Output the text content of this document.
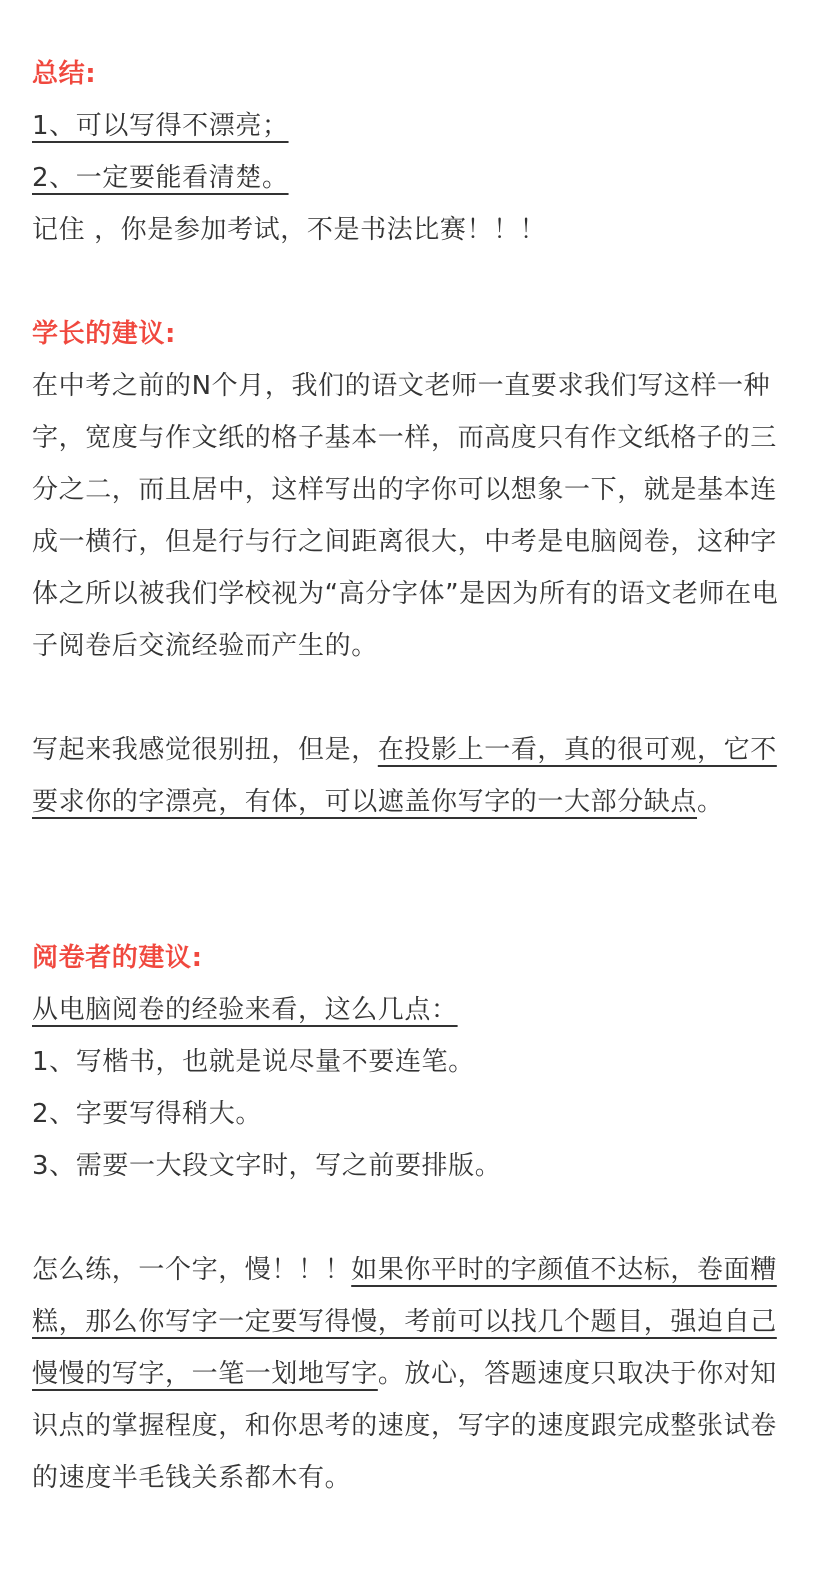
总结:
1、可以写得不漂亮；
2、一定要能看清楚。
记住 ，你是参加考试，不是书法比赛！！！
学长的建议:
在中考之前的N个月，我们的语文老师一直要求我们写这样一种字，宽度与作文纸的格子基本一样，而高度只有作文纸格子的三分之二，而且居中，这样写出的字你可以想象一下，就是基本连成一横行，但是行与行之间距离很大，中考是电脑阅卷，这种字体之所以被我们学校视为“高分字体”是因为所有的语文老师在电子阅卷后交流经验而产生的。
写起来我感觉很别扭，但是，在投影上一看，真的很可观，它不要求你的字漂亮，有体，可以遮盖你写字的一大部分缺点。
阅卷者的建议:
从电脑阅卷的经验来看，这么几点：
1、写楷书，也就是说尽量不要连笔。
2、字要写得稍大。
3、需要一大段文字时，写之前要排版。
怎么练，一个字，慢！！！如果你平时的字颜值不达标，卷面糟糕，那么你写字一定要写得慢，考前可以找几个题目，强迫自己慢慢的写字，一笔一划地写字。放心，答题速度只取决于你对知识点的掌握程度，和你思考的速度，写字的速度跟完成整张试卷的速度半毛钱关系都木有。
